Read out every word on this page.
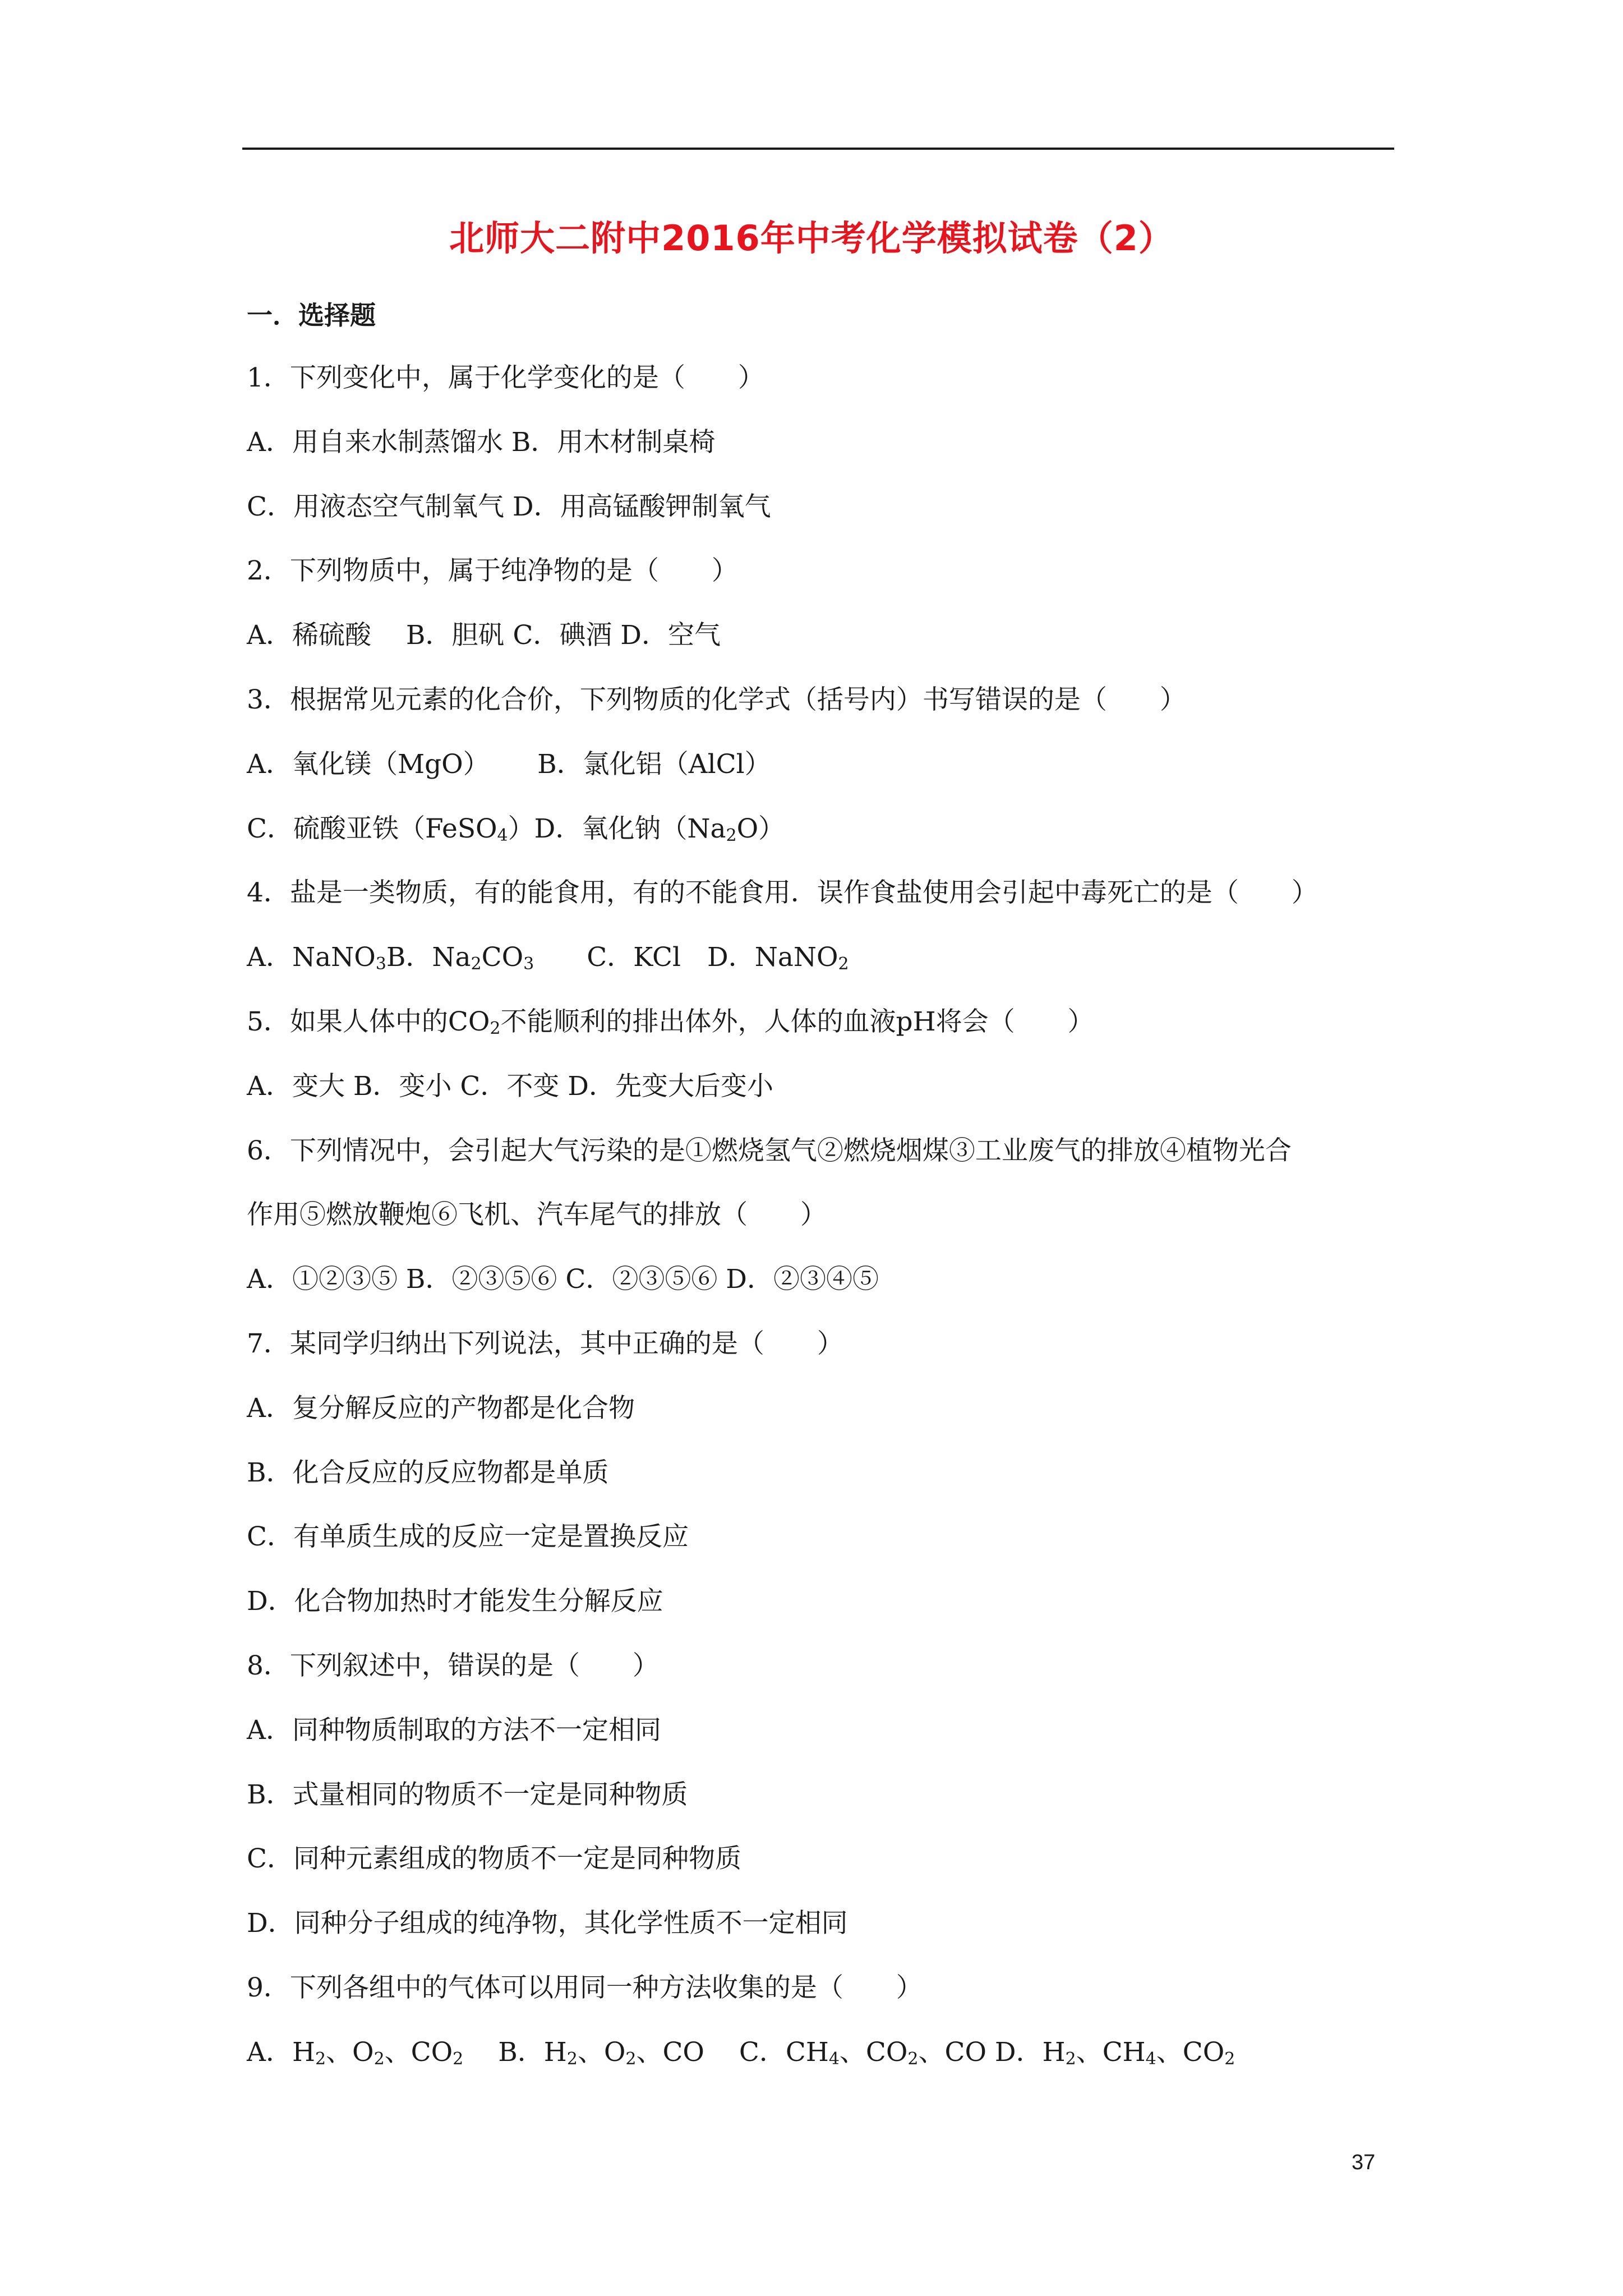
北师大二附中2016年中考化学模拟试卷（2）
一．选择题
1．下列变化中，属于化学变化的是（　　）
A．用自来水制蒸馏水 B．用木材制桌椅
C．用液态空气制氧气 D．用高锰酸钾制氧气
2．下列物质中，属于纯净物的是（　　）
A．稀硫酸　 B．胆矾 C．碘酒 D．空气
3．根据常见元素的化合价，下列物质的化学式（括号内）书写错误的是（　　）
A．氧化镁（MgO）　　 B．氯化铝（AlCl）
C．硫酸亚铁（FeSO$_4$）D．氧化钠$(Na_2O)$
4．盐是一类物质，有的能食用，有的不能食用．误作食盐使用会引起中毒死亡的是（　　）
A．NaNO$_3$B．$Na_2CO_3$　　C．KCl　D．NaNO$_2$
5．如果人体中的$CO_2$不能顺利的排出体外，人体的血液pH将会（　　）
A．变大 B．变小 C．不变 D．先变大后变小
6．下列情况中，会引起大气污染的是①燃烧氢气②燃烧烟煤③工业废气的排放④植物光合
作用⑤燃放鞭炮⑥飞机、汽车尾气的排放（　　）
A．①②③⑤ B．②③⑤⑥ C．②③⑤⑥ D．②③④⑤
7．某同学归纳出下列说法，其中正确的是（　　）
A．复分解反应的产物都是化合物
B．化合反应的反应物都是单质
C．有单质生成的反应一定是置换反应
D．化合物加热时才能发生分解反应
8．下列叙述中，错误的是（　　）
A．同种物质制取的方法不一定相同
B．式量相同的物质不一定是同种物质
C．同种元素组成的物质不一定是同种物质
D．同种分子组成的纯净物，其化学性质不一定相同
9．下列各组中的气体可以用同一种方法收集的是（　　）
A．$H_2$、$O_2$、$CO_2$　 B．$H_2$、$O_2$、CO　 C．$CH_4$、$CO_2$、CO D．$H_2$、$CH_4$、$CO_2$
37
